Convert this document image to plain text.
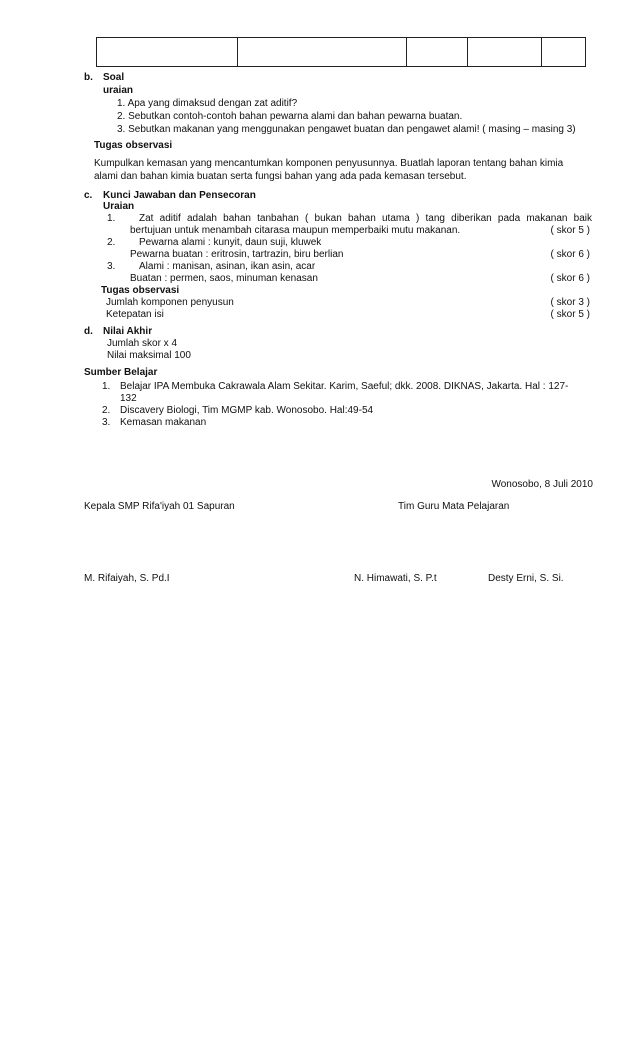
b. Soal
uraian
1. Apa yang dimaksud dengan zat aditif?
2. Sebutkan contoh-contoh bahan pewarna alami dan bahan pewarna buatan.
3. Sebutkan makanan yang menggunakan pengawet buatan dan pengawet alami! ( masing – masing 3)
Tugas observasi
Kumpulkan kemasan yang mencantumkan komponen penyusunnya. Buatlah laporan tentang bahan kimia
alami dan bahan kimia buatan serta fungsi bahan yang ada pada kemasan tersebut.
c. Kunci Jawaban dan Pensecoran
Uraian
1. Zat aditif adalah bahan tanbahan ( bukan bahan utama ) tang diberikan pada makanan baik
bertujuan untuk menambah citarasa maupun memperbaiki mutu makanan.	( skor 5 )
2. Pewarna alami : kunyit, daun suji, kluwek
Pewarna buatan : eritrosin, tartrazin, biru berlian	( skor 6 )
3. Alami : manisan, asinan, ikan asin, acar
Buatan : permen, saos, minuman kenasan	( skor 6 )
Tugas observasi
Jumlah komponen penyusun	( skor 3 )
Ketepatan isi	( skor 5 )
d. Nilai Akhir
Jumlah skor x 4
Nilai maksimal 100
Sumber Belajar
1. Belajar IPA Membuka Cakrawala Alam Sekitar. Karim, Saeful; dkk. 2008. DIKNAS, Jakarta. Hal : 127-
132
2. Discavery Biologi, Tim MGMP kab. Wonosobo. Hal:49-54
3. Kemasan makanan
Wonosobo, 8 Juli 2010
Kepala SMP Rifa'iyah 01 Sapuran	Tim Guru Mata Pelajaran
M. Rifaiyah, S. Pd.I	N. Himawati, S. P.t	Desty Erni, S. Si.
